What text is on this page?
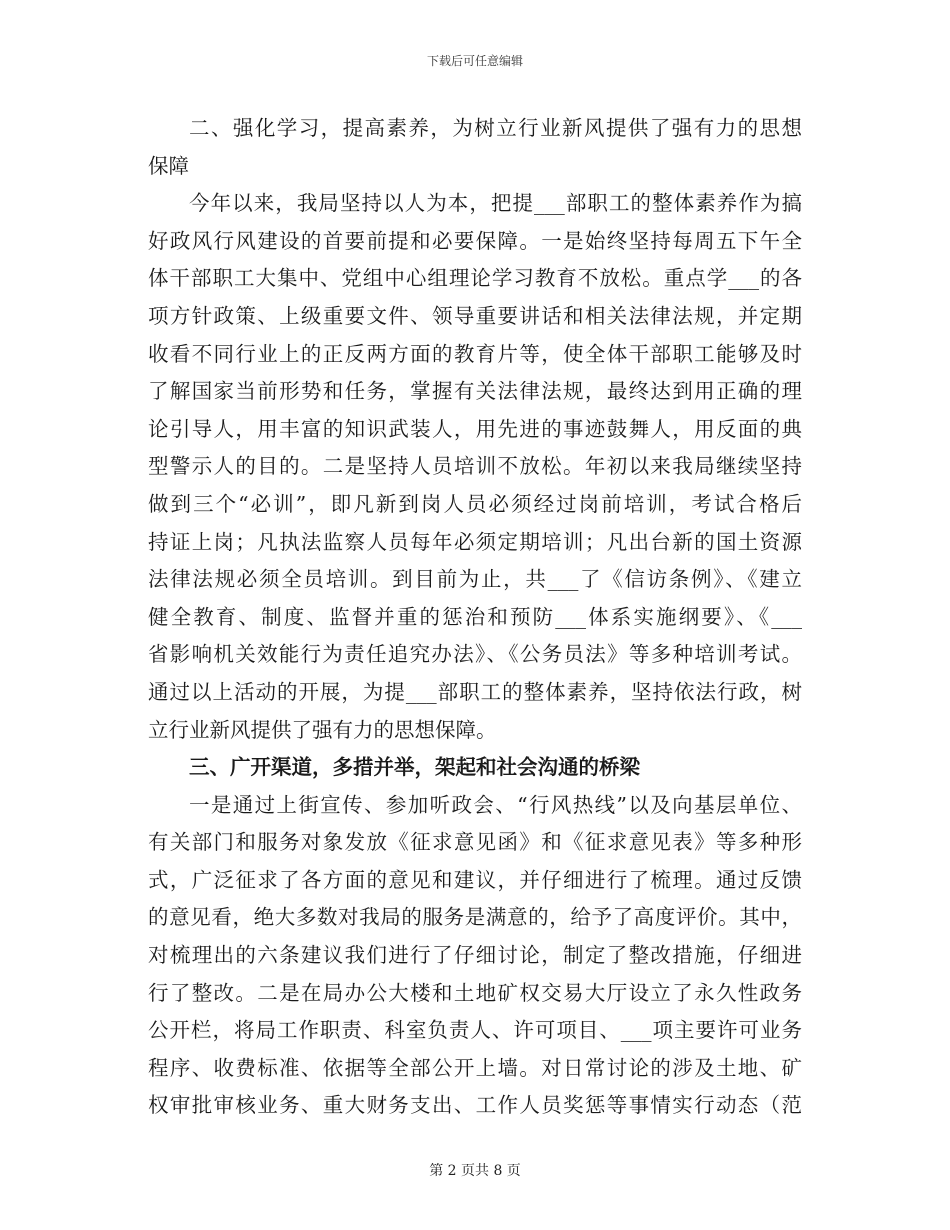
下载后可任意编辑
二、强化学习，提高素养，为树立行业新风提供了强有力的思想
保障
今年以来，我局坚持以人为本，把提___部职工的整体素养作为搞
好政风行风建设的首要前提和必要保障。一是始终坚持每周五下午全
体干部职工大集中、党组中心组理论学习教育不放松。重点学___的各
项方针政策、上级重要文件、领导重要讲话和相关法律法规，并定期
收看不同行业上的正反两方面的教育片等，使全体干部职工能够及时
了解国家当前形势和任务，掌握有关法律法规，最终达到用正确的理
论引导人，用丰富的知识武装人，用先进的事迹鼓舞人，用反面的典
型警示人的目的。二是坚持人员培训不放松。年初以来我局继续坚持
做到三个“必训”，即凡新到岗人员必须经过岗前培训，考试合格后
持证上岗；凡执法监察人员每年必须定期培训；凡出台新的国土资源
法律法规必须全员培训。到目前为止，共___了《信访条例》、《建立
健全教育、制度、监督并重的惩治和预防___体系实施纲要》、《___
省影响机关效能行为责任追究办法》、《公务员法》等多种培训考试。
通过以上活动的开展，为提___部职工的整体素养，坚持依法行政，树
立行业新风提供了强有力的思想保障。
三、广开渠道，多措并举，架起和社会沟通的桥梁
一是通过上街宣传、参加听政会、“行风热线”以及向基层单位、
有关部门和服务对象发放《征求意见函》和《征求意见表》等多种形
式，广泛征求了各方面的意见和建议，并仔细进行了梳理。通过反馈
的意见看，绝大多数对我局的服务是满意的，给予了高度评价。其中，
对梳理出的六条建议我们进行了仔细讨论，制定了整改措施，仔细进
行了整改。二是在局办公大楼和土地矿权交易大厅设立了永久性政务
公开栏，将局工作职责、科室负责人、许可项目、___项主要许可业务
程序、收费标准、依据等全部公开上墙。对日常讨论的涉及土地、矿
权审批审核业务、重大财务支出、工作人员奖惩等事情实行动态（范
第 2 页共 8 页
